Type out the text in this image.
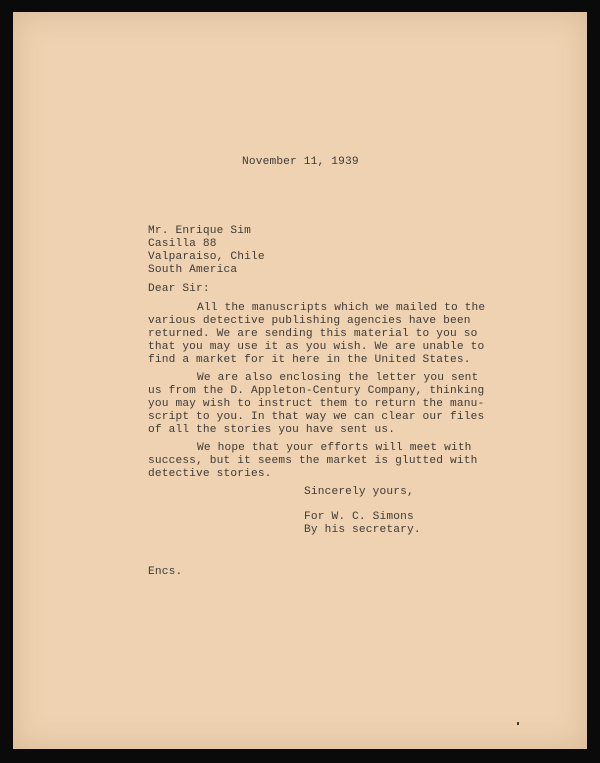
November 11, 1939
Mr. Enrique Sim
Casilla 88
Valparaiso, Chile
South America
Dear Sir:
All the manuscripts which we mailed to the
various detective publishing agencies have been
returned. We are sending this material to you so
that you may use it as you wish. We are unable to
find a market for it here in the United States.
We are also enclosing the letter you sent
us from the D. Appleton-Century Company, thinking
you may wish to instruct them to return the manu-
script to you. In that way we can clear our files
of all the stories you have sent us.
We hope that your efforts will meet with
success, but it seems the market is glutted with
detective stories.
Sincerely yours,
For W. C. Simons
By his secretary.
Encs.
